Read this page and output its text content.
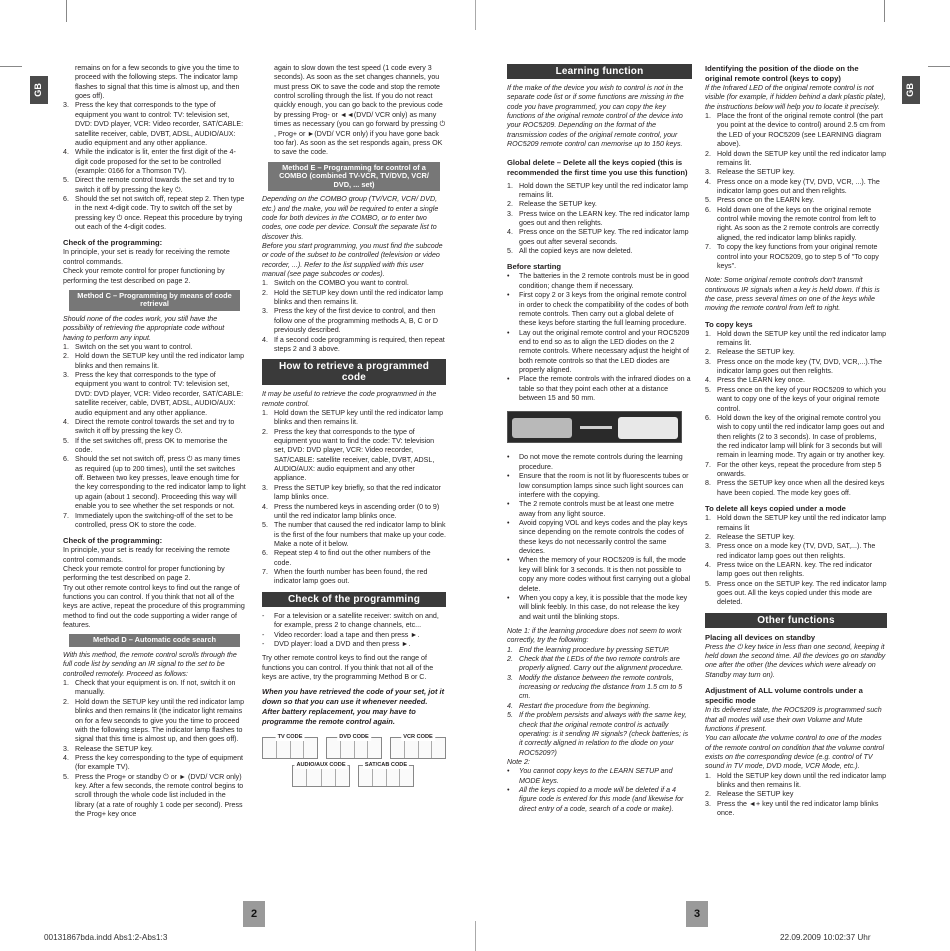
GB	GB

remains on for a few seconds to give you the time to proceed with the following steps. The indicator lamp flashes to signal that this time is almost up, and then goes off).

3. Press the key that corresponds to the type of equipment you want to control: TV: television set, DVD: DVD player, VCR: Video recorder, SAT/CABLE: satellite receiver, cable, DVBT, ADSL, AUDIO/AUX: audio equipment and any other appliance.
4. While the indicator is lit, enter the first digit of the 4-digit code proposed for the set to be controlled (example: 0166 for a Thomson TV).
5. Direct the remote control towards the set and try to switch it off by pressing the key ⏻.
6. Should the set not switch off, repeat step 2. Then type in the next 4-digit code. Try to switch off the set by pressing key ⏻ once. Repeat this procedure by trying out each of the 4-digit codes.

Check of the programming:

In principle, your set is ready for receiving the remote control commands.

Check your remote control for proper functioning by performing the test described on page 2.

Method C – Programming by means of code retrieval

Should none of the codes work, you still have the possibility of retrieving the appropriate code without having to perform any input.

1. Switch on the set you want to control.
2. Hold down the SETUP key until the red indicator lamp blinks and then remains lit.
3. Press the key that corresponds to the type of equipment you want to control: TV: television set, DVD: DVD player, VCR: Video recorder, SAT/CABLE: satellite receiver, cable, DVBT, ADSL, AUDIO/AUX: audio equipment and any other appliance.
4. Direct the remote control towards the set and try to switch it off by pressing the key ⏻.
5. If the set switches off, press OK to memorise the code.
6. Should the set not switch off, press ⏻ as many times as required (up to 200 times), until the set switches off. Between two key presses, leave enough time for the key corresponding to the red indicator lamp to light up again (about 1 second). Proceeding this way will enable you to see whether the set responds or not.
7. Immediately upon the switching-off of the set to be controlled, press OK to store the code.

Check of the programming:

In principle, your set is ready for receiving the remote control commands.

Check your remote control for proper functioning by performing the test described on page 2.

Try out other remote control keys to find out the range of functions you can control. If you think that not all of the keys are active, repeat the procedure of this programming method to find out the code supporting a wider range of features.

Method D – Automatic code search

With this method, the remote control scrolls through the full code list by sending an IR signal to the set to be controlled remotely. Proceed as follows:

1. Check that your equipment is on. If not, switch it on manually.
2. Hold down the SETUP key until the red indicator lamp blinks and then remains lit (the indicator light remains on for a few seconds to give you the time to proceed with the following steps. The indicator lamp flashes to signal that this time is almost up, and then goes off).
3. Release the SETUP key.
4. Press the key corresponding to the type of equipment (for example TV).
5. Press the Prog+ or standby ⏻ or ► (DVD/ VCR only) key. After a few seconds, the remote control begins to scroll through the whole code list included in the library (at a rate of roughly 1 code per second). Press the Prog+ key once

again to slow down the test speed (1 code every 3 seconds). As soon as the set changes channels, you must press OK to save the code and stop the remote control scrolling through the list. If you do not react quickly enough, you can go back to the previous code by pressing Prog- or ◄◄(DVD/ VCR only) as many times as necessary (you can go forward by pressing ⏻ , Prog+ or ►(DVD/ VCR only) if you have gone back too far). As soon as the set responds again, press OK to save the code.

Method E – Programming for control of a COMBO (combined TV-VCR, TV/DVD, VCR/ DVD, ... set)

Depending on the COMBO group (TV/VCR, VCR/ DVD, etc.) and the make, you will be required to enter a single code for both devices in the COMBO, or to enter two codes, one code per device. Consult the separate list to discover this.

Before you start programming, you must find the subcode or code of the subset to be controlled (television or video recorder, ...). Refer to the list supplied with this user manual (see page subcodes or codes).

1. Switch on the COMBO you want to control.
2. Hold the SETUP key down until the red indicator lamp blinks and then remains lit.
3. Press the key of the first device to control, and then follow one of the programming methods A, B, C or D previously described.
4. If a second code programming is required, then repeat steps 2 and 3 above.
How to retrieve a programmed code

It may be useful to retrieve the code programmed in the remote control.

1. Hold down the SETUP key until the red indicator lamp blinks and then remains lit.
2. Press the key that corresponds to the type of equipment you want to find the code: TV: television set, DVD: DVD player, VCR: Video recorder, SAT/CABLE: satellite receiver, cable, DVBT, ADSL, AUDIO/AUX: audio equipment and any other appliance.
3. Press the SETUP key briefly, so that the red indicator lamp blinks once.
4. Press the numbered keys in ascending order (0 to 9) until the red indicator lamp blinks once.
5. The number that caused the red indicator lamp to blink is the first of the four numbers that make up your code. Make a note of it below.
6. Repeat step 4 to find out the other numbers of the code.
7. When the fourth number has been found, the red indicator lamp goes out.
Check of the programming
- For a television or a satellite receiver: switch on and, for example, press 2 to change channels, etc...
- Video recorder: load a tape and then press ►.
- DVD player: load a DVD and then press ►.

Try other remote control keys to find out the range of functions you can control. If you think that not all of the keys are active, try the programming Method B or C.

When you have retrieved the code of your set, jot it down so that you can use it whenever needed.

After battery replacement, you may have to programme the remote control again.

TV CODE	DVD CODE	VCR CODE
AUDIO/AUX CODE	SAT/CAB CODE
Learning function

If the make of the device you wish to control is not in the separate code list or if some functions are missing in the code you have programmed, you can copy the key functions of the original remote control of the device into your ROC5209. Depending on the format of the transmission codes of the original remote control, your ROC5209 remote control can memorise up to 150 keys.

Global delete – Delete all the keys copied (this is recommended the first time you use this function)

1. Hold down the SETUP key until the red indicator lamp remains lit.
2. Release the SETUP key.
3. Press twice on the LEARN key. The red indicator lamp goes out and then relights.
4. Press once on the SETUP key. The red indicator lamp goes out after several seconds.
5. All the copied keys are now deleted.

Before starting

• The batteries in the 2 remote controls must be in good condition; change them if necessary.
• First copy 2 or 3 keys from the original remote control in order to check the compatibility of the codes of both remote controls. Then carry out a global delete of these keys before starting the full learning procedure.
• Lay out the original remote control and your ROC5209 end to end so as to align the LED diodes on the 2 remote controls. Where necessary adjust the height of both remote controls so that the LED diodes are properly aligned.
• Place the remote controls with the infrared diodes on a table so that they point each other at a distance between 15 and 50 mm.
• Do not move the remote controls during the learning procedure.
• Ensure that the room is not lit by fluorescents tubes or low consumption lamps since such light sources can interfere with the copying.
• The 2 remote controls must be at least one metre away from any light source.
• Avoid copying VOL and keys codes and the play keys since depending on the remote controls the codes of these keys do not necessarily control the same devices.
• When the memory of your ROC5209 is full, the mode key will blink for 3 seconds. It is then not possible to copy any more codes without first carrying out a global delete.
• When you copy a key, it is possible that the mode key will blink feebly. In this case, do not release the key and wait until the blinking stops.

Note 1: if the learning procedure does not seem to work correctly, try the following:

1. End the learning procedure by pressing SETUP.
2. Check that the LEDs of the two remote controls are properly aligned. Carry out the alignment procedure.
3. Modify the distance between the remote controls, increasing or reducing the distance from 1.5 cm to 5 cm.
4. Restart the procedure from the beginning.
5. If the problem persists and always with the same key, check that the original remote control is actually operating: is it sending IR signals? (check batteries; is it correctly aligned in relation to the diode on your ROC5209?)

Note 2:

• You cannot copy keys to the LEARN SETUP and MODE keys.
• All the keys copied to a mode will be deleted if a 4 figure code is entered for this mode (and likewise for direct entry of a code, search of a code or make).

Identifying the position of the diode on the original remote control (keys to copy)

If the Infrared LED of the original remote control is not visible (for example, if hidden behind a dark plastic plate), the instructions below will help you to locate it precisely.

1. Place the front of the original remote control (the part you point at the device to control) around 2.5 cm from the LED of your ROC5209 (see LEARNING diagram above).
2. Hold down the SETUP key until the red indicator lamp remains lit.
3. Release the SETUP key.
4. Press once on a mode key (TV, DVD, VCR, ...). The indicator lamp goes out and then relights.
5. Press once on the LEARN key.
6. Hold down one of the keys on the original remote control while moving the remote control from left to right. As soon as the 2 remote controls are correctly aligned, the red indicator lamp blinks rapidly.
7. To copy the key functions from your original remote control into your ROC5209, go to step 5 of "To copy keys".

Note: Some original remote controls don't transmit continuous IR signals when a key is held down. If this is the case, press several times on one of the keys while moving the remote control from left to right.

To copy keys

1. Hold down the SETUP key until the red indicator lamp remains lit.
2. Release the SETUP key.
3. Press once on the mode key (TV, DVD, VCR,...).The indicator lamp goes out then relights.
4. Press the LEARN key once.
5. Press once on the key of your ROC5209 to which you want to copy one of the keys of your original remote control.
6. Hold down the key of the original remote control you wish to copy until the red indicator lamp goes out and then relights (2 to 3 seconds). In case of problems, the red indicator lamp will blink for 3 seconds but will remain in learning mode. Try again or try another key.
7. For the other keys, repeat the procedure from step 5 onwards.
8. Press the SETUP key once when all the desired keys have been copied. The mode key goes off.

To delete all keys copied under a mode

1. Hold down the SETUP key until the red indicator lamp remains lit
2. Release the SETUP key.
3. Press once on a mode key (TV, DVD, SAT,...). The red indicator lamp goes out then relights.
4. Press twice on the LEARN. key. The red indicator lamp goes out then relights.
5. Press once on the SETUP key. The red indicator lamp goes out. All the keys copied under this mode are deleted.
Other functions

Placing all devices on standby

Press the ⏻ key twice in less than one second, keeping it held down the second time. All the devices go on standby one after the other (the devices which were already on Standby may turn on).

Adjustment of ALL volume controls under a specific mode

In its delivered state, the ROC5209 is programmed such that all modes will use their own Volume and Mute functions if present.

You can allocate the volume control to one of the modes of the remote control on condition that the volume control exists on the corresponding device (e.g. control of TV sound in TV mode, DVD mode, VCR Mode, etc.).

1. Hold the SETUP key down until the red indicator lamp blinks and then remains lit.
2. Release the SETUP key
3. Press the ◄+ key until the red indicator lamp blinks once.
2	3
00131867bda.indd Abs1:2-Abs1:3	22.09.2009 10:02:37 Uhr
